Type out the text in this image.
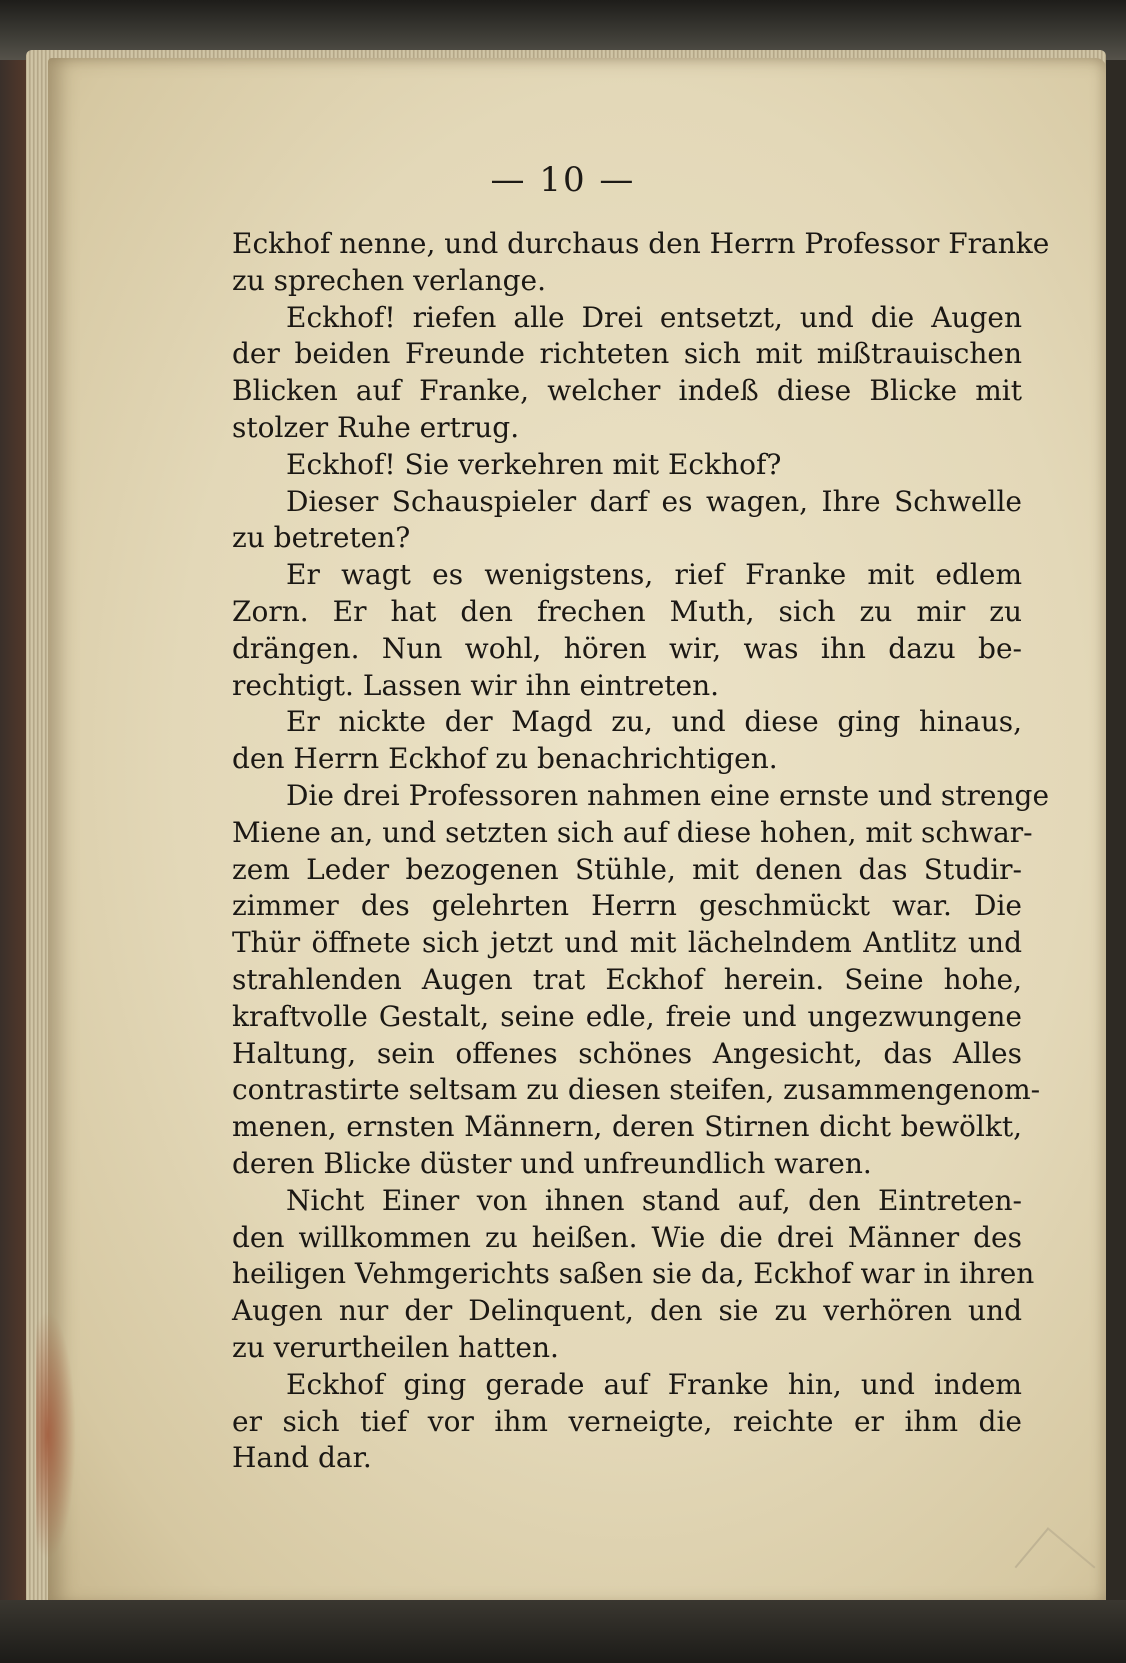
— 10 —
Eckhof nenne, und durchaus den Herrn Professor Franke
zu sprechen verlange.
Eckhof! riefen alle Drei entsetzt, und die Augen
der beiden Freunde richteten sich mit mißtrauischen
Blicken auf Franke, welcher indeß diese Blicke mit
stolzer Ruhe ertrug.
Eckhof! Sie verkehren mit Eckhof?
Dieser Schauspieler darf es wagen, Ihre Schwelle
zu betreten?
Er wagt es wenigstens, rief Franke mit edlem
Zorn. Er hat den frechen Muth, sich zu mir zu
drängen. Nun wohl, hören wir, was ihn dazu be-
rechtigt. Lassen wir ihn eintreten.
Er nickte der Magd zu, und diese ging hinaus,
den Herrn Eckhof zu benachrichtigen.
Die drei Professoren nahmen eine ernste und strenge
Miene an, und setzten sich auf diese hohen, mit schwar-
zem Leder bezogenen Stühle, mit denen das Studir-
zimmer des gelehrten Herrn geschmückt war. Die
Thür öffnete sich jetzt und mit lächelndem Antlitz und
strahlenden Augen trat Eckhof herein. Seine hohe,
kraftvolle Gestalt, seine edle, freie und ungezwungene
Haltung, sein offenes schönes Angesicht, das Alles
contrastirte seltsam zu diesen steifen, zusammengenom-
menen, ernsten Männern, deren Stirnen dicht bewölkt,
deren Blicke düster und unfreundlich waren.
Nicht Einer von ihnen stand auf, den Eintreten-
den willkommen zu heißen. Wie die drei Männer des
heiligen Vehmgerichts saßen sie da, Eckhof war in ihren
Augen nur der Delinquent, den sie zu verhören und
zu verurtheilen hatten.
Eckhof ging gerade auf Franke hin, und indem
er sich tief vor ihm verneigte, reichte er ihm die
Hand dar.
